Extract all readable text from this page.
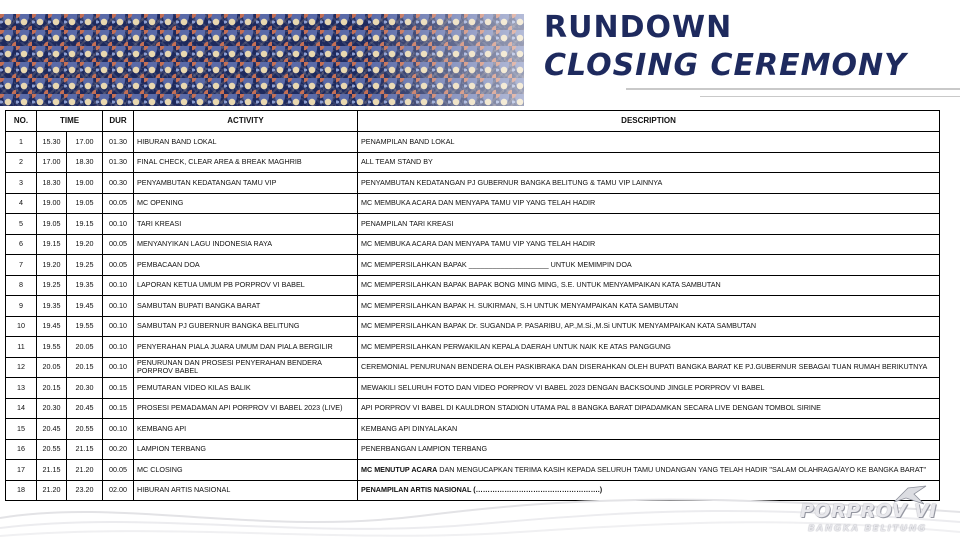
RUNDOWN
CLOSING CEREMONY
NO.	TIME		DUR	ACTIVITY	DESCRIPTION
1	15.30	17.00	01.30	HIBURAN BAND LOKAL	PENAMPILAN BAND LOKAL
2	17.00	18.30	01.30	FINAL CHECK, CLEAR AREA & BREAK MAGHRIB	ALL TEAM STAND BY
3	18.30	19.00	00.30	PENYAMBUTAN KEDATANGAN TAMU VIP	PENYAMBUTAN KEDATANGAN PJ GUBERNUR BANGKA BELITUNG & TAMU VIP LAINNYA
4	19.00	19.05	00.05	MC OPENING	MC MEMBUKA ACARA DAN MENYAPA TAMU VIP YANG TELAH HADIR
5	19.05	19.15	00.10	TARI KREASI	PENAMPILAN TARI KREASI
6	19.15	19.20	00.05	MENYANYIKAN LAGU INDONESIA RAYA	MC MEMBUKA ACARA DAN MENYAPA TAMU VIP YANG TELAH HADIR
7	19.20	19.25	00.05	PEMBACAAN DOA	MC MEMPERSILAHKAN BAPAK ____________________ UNTUK MEMIMPIN DOA
8	19.25	19.35	00.10	LAPORAN KETUA UMUM PB PORPROV VI BABEL	MC MEMPERSILAHKAN BAPAK BAPAK BONG MING MING, S.E. UNTUK MENYAMPAIKAN KATA SAMBUTAN
9	19.35	19.45	00.10	SAMBUTAN BUPATI BANGKA BARAT	MC MEMPERSILAHKAN BAPAK H. SUKIRMAN, S.H UNTUK MENYAMPAIKAN KATA SAMBUTAN
10	19.45	19.55	00.10	SAMBUTAN PJ GUBERNUR BANGKA BELITUNG	MC MEMPERSILAHKAN BAPAK Dr. SUGANDA P. PASARIBU, AP.,M.Si.,M.Si UNTUK MENYAMPAIKAN KATA SAMBUTAN
11	19.55	20.05	00.10	PENYERAHAN PIALA JUARA UMUM DAN PIALA BERGILIR	MC MEMPERSILAHKAN PERWAKILAN KEPALA DAERAH UNTUK NAIK KE ATAS PANGGUNG
12	20.05	20.15	00.10	PENURUNAN DAN PROSESI PENYERAHAN BENDERA PORPROV BABEL	CEREMONIAL PENURUNAN BENDERA OLEH PASKIBRAKA DAN DISERAHKAN OLEH BUPATI BANGKA BARAT KE PJ.GUBERNUR SEBAGAI TUAN RUMAH BERIKUTNYA
13	20.15	20.30	00.15	PEMUTARAN VIDEO KILAS BALIK	MEWAKILI SELURUH FOTO DAN VIDEO PORPROV VI BABEL 2023 DENGAN BACKSOUND JINGLE PORPROV VI BABEL
14	20.30	20.45	00.15	PROSESI PEMADAMAN API PORPROV VI BABEL 2023 (LIVE)	API PORPROV VI BABEL DI KAULDRON STADION UTAMA PAL 8 BANGKA BARAT DIPADAMKAN SECARA LIVE DENGAN TOMBOL SIRINE
15	20.45	20.55	00.10	KEMBANG API	KEMBANG API DINYALAKAN
16	20.55	21.15	00.20	LAMPION TERBANG	PENERBANGAN LAMPION TERBANG
17	21.15	21.20	00.05	MC CLOSING	MC MENUTUP ACARA DAN MENGUCAPKAN TERIMA KASIH KEPADA SELURUH TAMU UNDANGAN YANG TELAH HADIR "SALAM OLAHRAGA/AYO KE BANGKA BARAT"
18	21.20	23.20	02.00	HIBURAN ARTIS NASIONAL	PENAMPILAN ARTIS NASIONAL (…………………………………………….)
PORPROV VI
BANGKA BELITUNG
